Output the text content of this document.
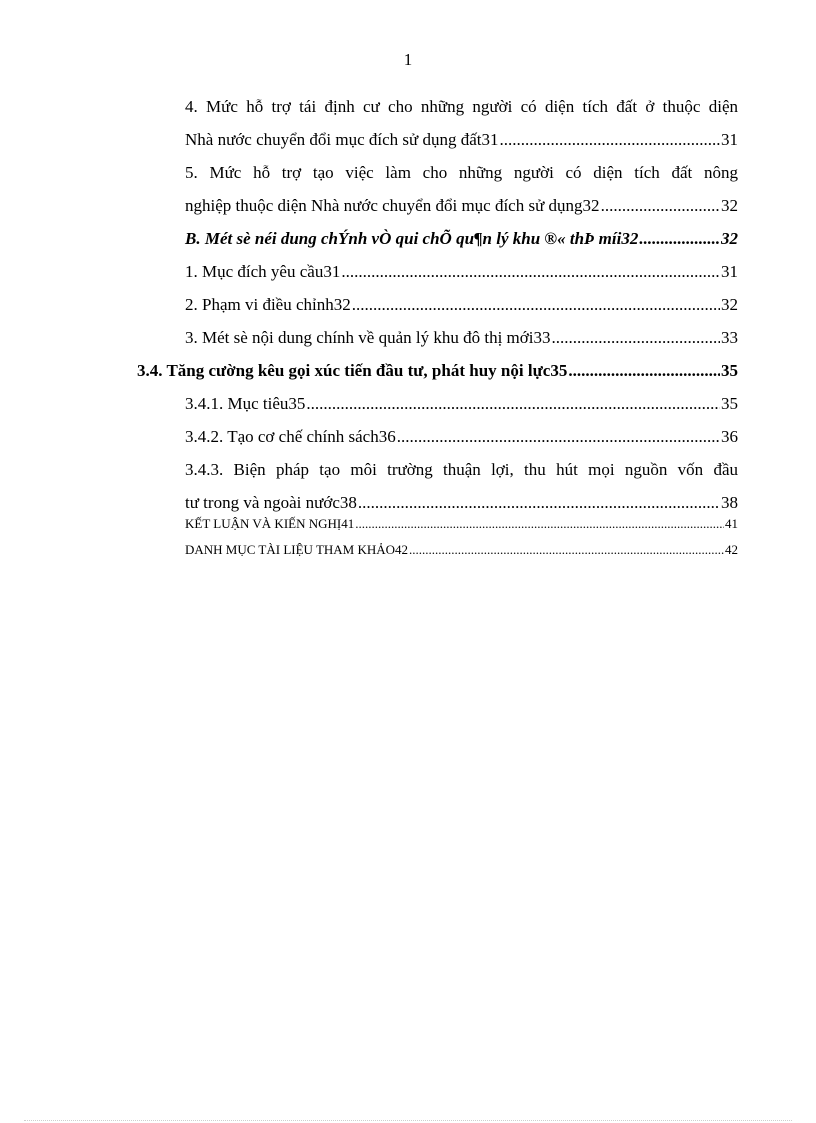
1
4. Mức hỗ trợ tái định cư cho những người có diện tích đất ở thuộc diện
Nhà nước chuyển đổi mục đích sử dụng đất31 .....	31
5. Mức hỗ trợ tạo việc làm cho những người có diện tích đất nông
nghiệp thuộc diện Nhà nước chuyển đổi mục đích sử dụng32 .....	32
B. Mét sè néi dung chÝnh vÒ qui chÕ qu¶n lý khu ®« thÞ míi32 .....	32
1. Mục đích yêu cầu31 .....	31
2. Phạm vi điều chỉnh32 .....	32
3. Mét sè nội dung chính về quản lý khu đô thị mới33 .....	33
3.4. Tăng cường kêu gọi xúc tiến đầu tư, phát huy nội lực35 .....	35
3.4.1. Mục tiêu35 .....	35
3.4.2. Tạo cơ chế chính sách36 .....	36
3.4.3. Biện pháp tạo môi trường thuận lợi, thu hút mọi nguồn vốn đầu
tư trong và ngoài nước38 .....	38
KẾT LUẬN VÀ KIẾN NGHỊ41 .....	41
DANH MỤC TÀI LIỆU THAM KHẢO42 .....	42
